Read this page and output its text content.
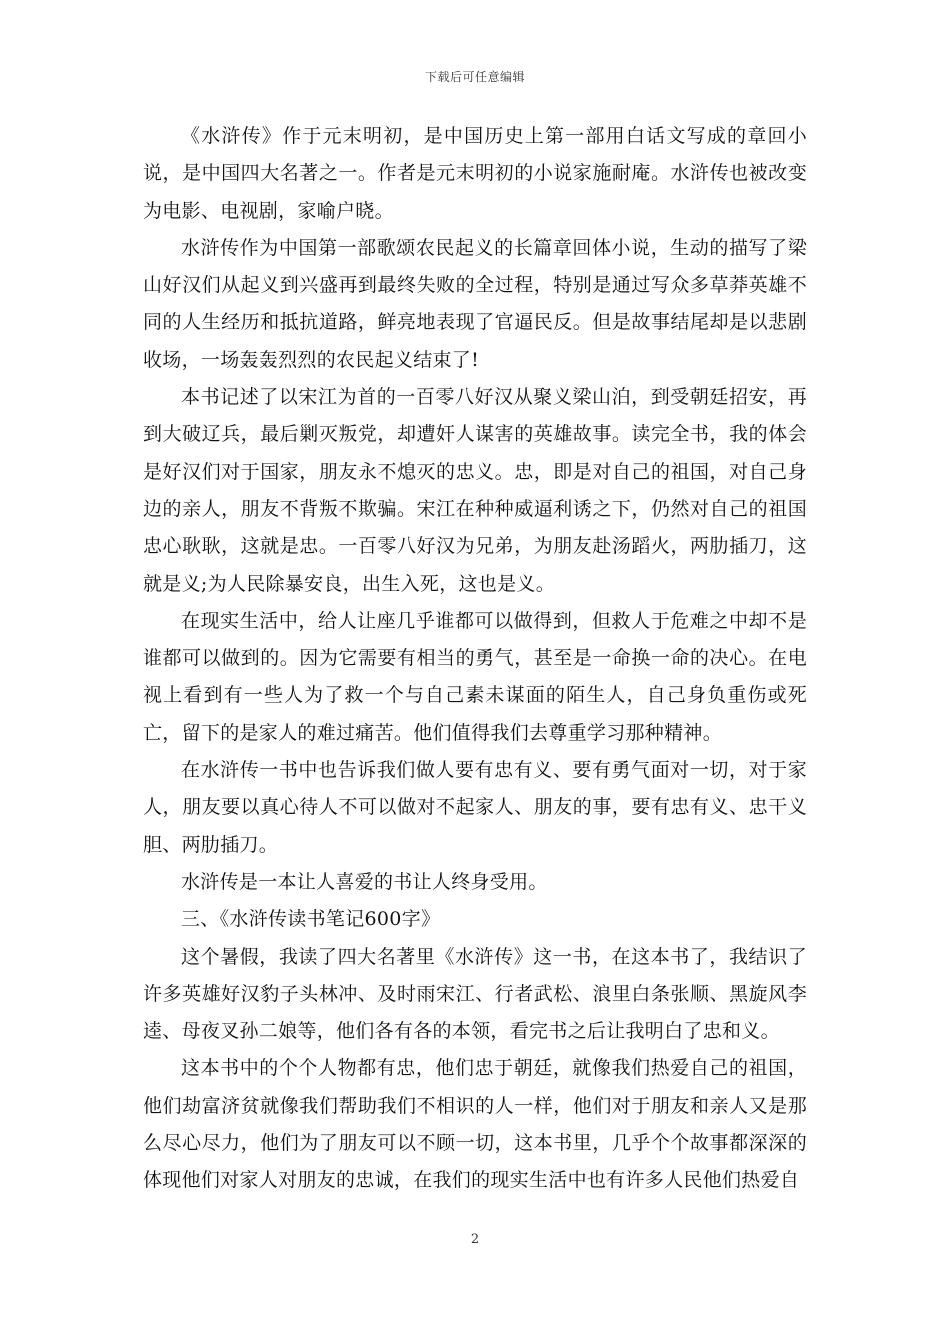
下载后可任意编辑

《水浒传》作于元末明初，是中国历史上第一部用白话文写成的章回小说，是中国四大名著之一。作者是元末明初的小说家施耐庵。水浒传也被改变为电影、电视剧，家喻户晓。

水浒传作为中国第一部歌颂农民起义的长篇章回体小说，生动的描写了梁山好汉们从起义到兴盛再到最终失败的全过程，特别是通过写众多草莽英雄不同的人生经历和抵抗道路，鲜亮地表现了官逼民反。但是故事结尾却是以悲剧收场，一场轰轰烈烈的农民起义结束了!

本书记述了以宋江为首的一百零八好汉从聚义梁山泊，到受朝廷招安，再到大破辽兵，最后剿灭叛党，却遭奸人谋害的英雄故事。读完全书，我的体会是好汉们对于国家，朋友永不熄灭的忠义。忠，即是对自己的祖国，对自己身边的亲人，朋友不背叛不欺骗。宋江在种种威逼利诱之下，仍然对自己的祖国忠心耿耿，这就是忠。一百零八好汉为兄弟，为朋友赴汤蹈火，两肋插刀，这就是义;为人民除暴安良，出生入死，这也是义。

在现实生活中，给人让座几乎谁都可以做得到，但救人于危难之中却不是谁都可以做到的。因为它需要有相当的勇气，甚至是一命换一命的决心。在电视上看到有一些人为了救一个与自己素未谋面的陌生人，自己身负重伤或死亡，留下的是家人的难过痛苦。他们值得我们去尊重学习那种精神。

在水浒传一书中也告诉我们做人要有忠有义、要有勇气面对一切，对于家人，朋友要以真心待人不可以做对不起家人、朋友的事，要有忠有义、忠干义胆、两肋插刀。

水浒传是一本让人喜爱的书让人终身受用。

三、《水浒传读书笔记600字》

这个暑假，我读了四大名著里《水浒传》这一书，在这本书了，我结识了许多英雄好汉豹子头林冲、及时雨宋江、行者武松、浪里白条张顺、黑旋风李逵、母夜叉孙二娘等，他们各有各的本领，看完书之后让我明白了忠和义。

这本书中的个个人物都有忠，他们忠于朝廷，就像我们热爱自己的祖国，他们劫富济贫就像我们帮助我们不相识的人一样，他们对于朋友和亲人又是那么尽心尽力，他们为了朋友可以不顾一切，这本书里，几乎个个故事都深深的体现他们对家人对朋友的忠诚，在我们的现实生活中也有许多人民他们热爱自

2
